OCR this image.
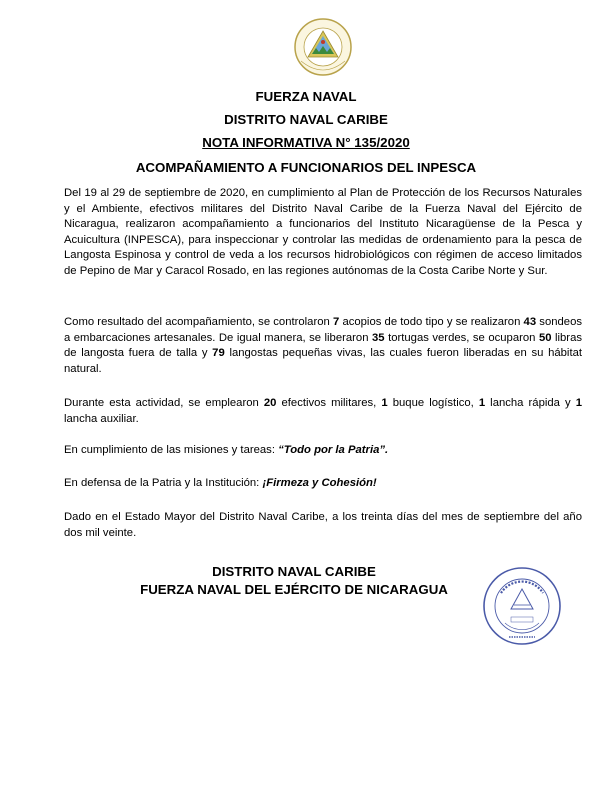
FUERZA NAVAL
DISTRITO NAVAL CARIBE
NOTA INFORMATIVA N° 135/2020
ACOMPAÑAMIENTO A FUNCIONARIOS DEL INPESCA

Del 19 al 29 de septiembre de 2020, en cumplimiento al Plan de Protección de los Recursos Naturales y el Ambiente, efectivos militares del Distrito Naval Caribe de la Fuerza Naval del Ejército de Nicaragua, realizaron acompañamiento a funcionarios del Instituto Nicaragüense de la Pesca y Acuicultura (INPESCA), para inspeccionar y controlar las medidas de ordenamiento para la pesca de Langosta Espinosa y control de veda a los recursos hidrobiológicos con régimen de acceso limitados de Pepino de Mar y Caracol Rosado, en las regiones autónomas de la Costa Caribe Norte y Sur.

Como resultado del acompañamiento, se controlaron 7 acopios de todo tipo y se realizaron 43 sondeos a embarcaciones artesanales. De igual manera, se liberaron 35 tortugas verdes, se ocuparon 50 libras de langosta fuera de talla y 79 langostas pequeñas vivas, las cuales fueron liberadas en su hábitat natural.

Durante esta actividad, se emplearon 20 efectivos militares, 1 buque logístico, 1 lancha rápida y 1 lancha auxiliar.

En cumplimiento de las misiones y tareas: “Todo por la Patria”.

En defensa de la Patria y la Institución: ¡Firmeza y Cohesión!

Dado en el Estado Mayor del Distrito Naval Caribe, a los treinta días del mes de septiembre del año dos mil veinte.

DISTRITO NAVAL CARIBE
FUERZA NAVAL DEL EJÉRCITO DE NICARAGUA
